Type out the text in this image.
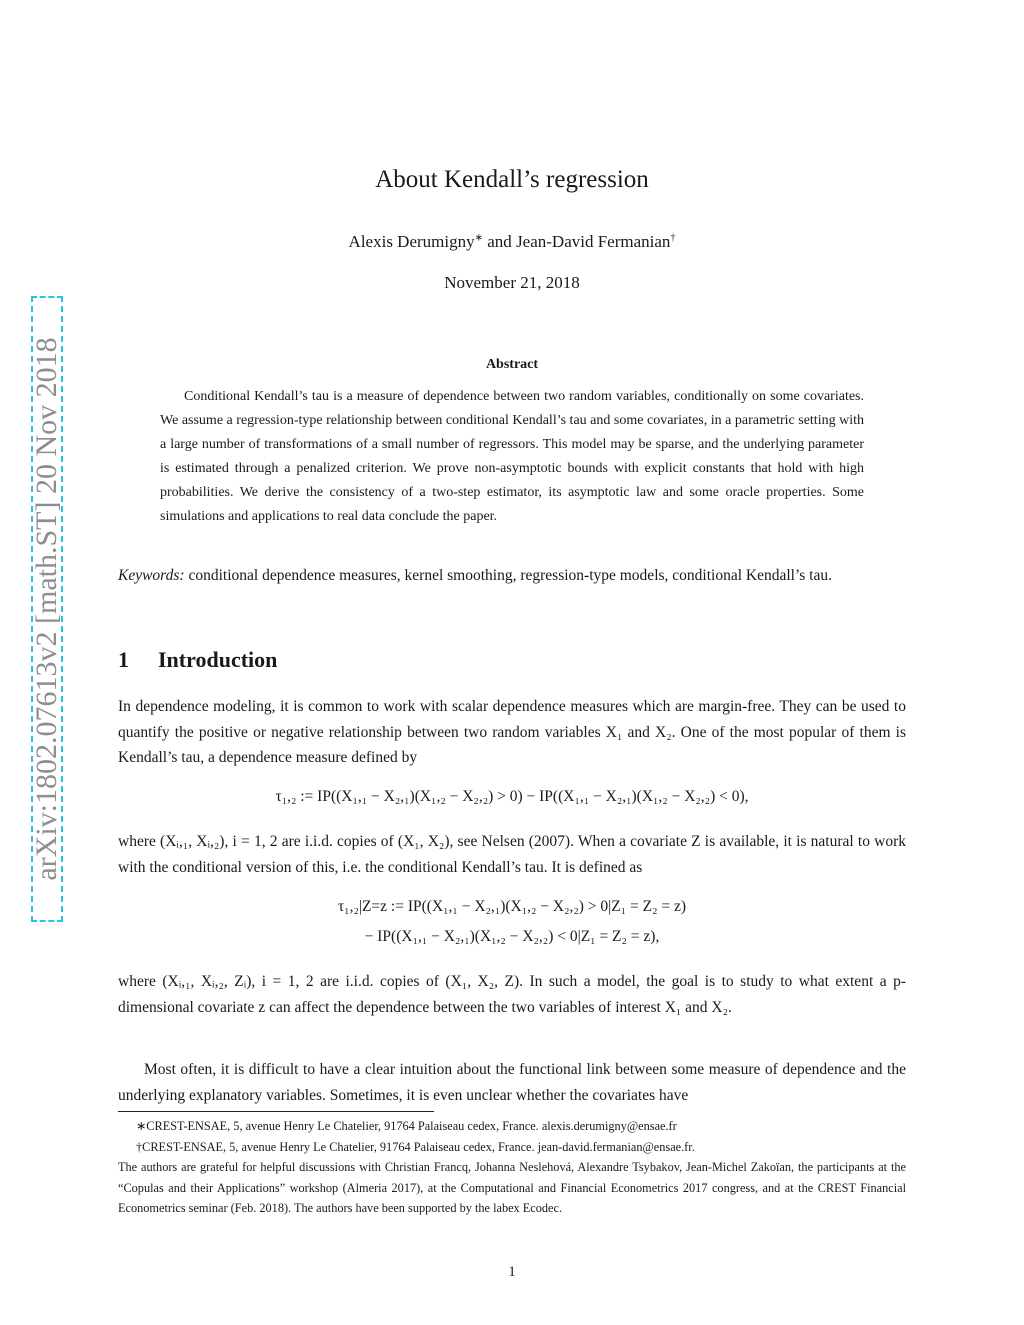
arXiv:1802.07613v2 [math.ST] 20 Nov 2018
About Kendall’s regression
Alexis Derumigny∗ and Jean-David Fermanian†
November 21, 2018
Abstract
Conditional Kendall’s tau is a measure of dependence between two random variables, conditionally on some covariates. We assume a regression-type relationship between conditional Kendall’s tau and some covariates, in a parametric setting with a large number of transformations of a small number of regressors. This model may be sparse, and the underlying parameter is estimated through a penalized criterion. We prove non-asymptotic bounds with explicit constants that hold with high probabilities. We derive the consistency of a two-step estimator, its asymptotic law and some oracle properties. Some simulations and applications to real data conclude the paper.
Keywords: conditional dependence measures, kernel smoothing, regression-type models, conditional Kendall’s tau.
1 Introduction
In dependence modeling, it is common to work with scalar dependence measures which are margin-free. They can be used to quantify the positive or negative relationship between two random variables X₁ and X₂. One of the most popular of them is Kendall’s tau, a dependence measure defined by
τ₁,₂ := IP((X₁,₁ − X₂,₁)(X₁,₂ − X₂,₂) > 0) − IP((X₁,₁ − X₂,₁)(X₁,₂ − X₂,₂) < 0),
where (Xᵢ,₁, Xᵢ,₂), i = 1, 2 are i.i.d. copies of (X₁, X₂), see Nelsen (2007). When a covariate Z is available, it is natural to work with the conditional version of this, i.e. the conditional Kendall’s tau. It is defined as
τ₁,₂|Z=z := IP((X₁,₁ − X₂,₁)(X₁,₂ − X₂,₂) > 0|Z₁ = Z₂ = z)
− IP((X₁,₁ − X₂,₁)(X₁,₂ − X₂,₂) < 0|Z₁ = Z₂ = z),
where (Xᵢ,₁, Xᵢ,₂, Zᵢ), i = 1, 2 are i.i.d. copies of (X₁, X₂, Z). In such a model, the goal is to study to what extent a p-dimensional covariate z can affect the dependence between the two variables of interest X₁ and X₂.
Most often, it is difficult to have a clear intuition about the functional link between some measure of dependence and the underlying explanatory variables. Sometimes, it is even unclear whether the covariates have
∗CREST-ENSAE, 5, avenue Henry Le Chatelier, 91764 Palaiseau cedex, France. alexis.derumigny@ensae.fr
†CREST-ENSAE, 5, avenue Henry Le Chatelier, 91764 Palaiseau cedex, France. jean-david.fermanian@ensae.fr.
The authors are grateful for helpful discussions with Christian Francq, Johanna Neslehová, Alexandre Tsybakov, Jean-Michel Zakoïan, the participants at the “Copulas and their Applications” workshop (Almeria 2017), at the Computational and Financial Econometrics 2017 congress, and at the CREST Financial Econometrics seminar (Feb. 2018). The authors have been supported by the labex Ecodec.
1
